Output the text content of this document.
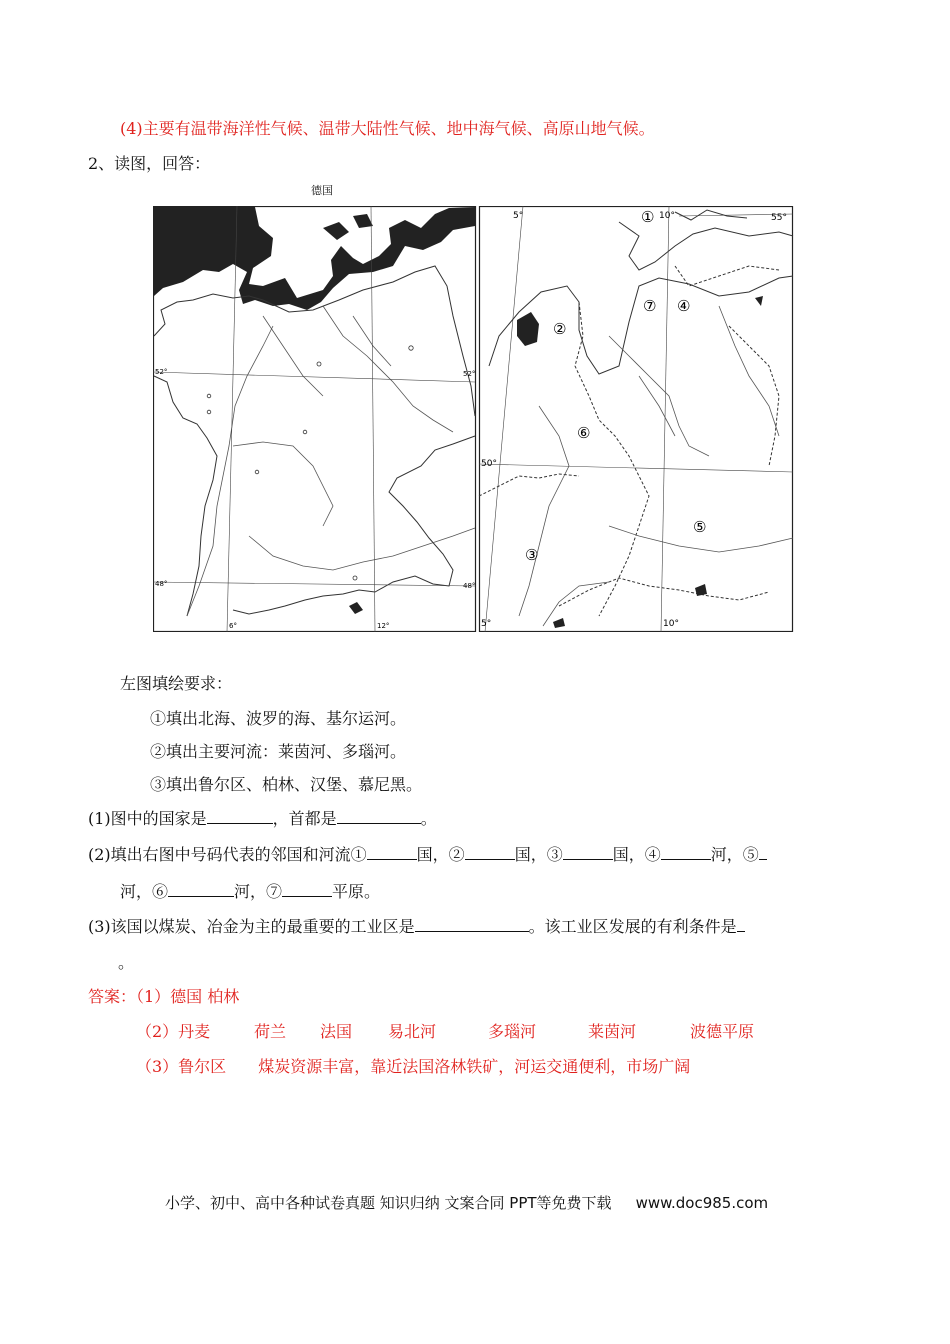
(4)主要有温带海洋性气候、温带大陆性气候、地中海气候、高原山地气候。
2、读图，回答：
德国
52°	52°
48°	48°
6°	12°
①
②
③
④
⑤
⑥
⑦
5°	10°	55°
50°
5°	10°
左图填绘要求：
①填出北海、波罗的海、基尔运河。
②填出主要河流：莱茵河、多瑙河。
③填出鲁尔区、柏林、汉堡、慕尼黑。
(1)图中的国家是	，首都是	。
(2)填出右图中号码代表的邻国和河流①	国，②	国，③	国，④	河，⑤
河，⑥	河，⑦	平原。
(3)该国以煤炭、冶金为主的最重要的工业区是	。该工业区发展的有利条件是
。
答案：（1）德国 柏林
（2）丹麦	荷兰 法国 易北河	多瑙河	莱茵河	波德平原
（3）鲁尔区 煤炭资源丰富，靠近法国洛林铁矿，河运交通便利，市场广阔
小学、初中、高中各种试卷真题 知识归纳 文案合同 PPT等免费下载 www.doc985.com
